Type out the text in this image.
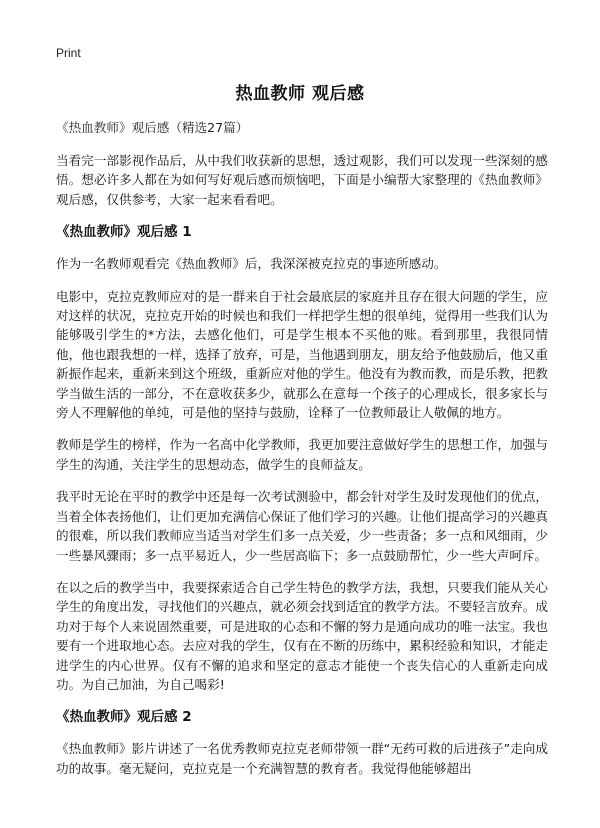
Print
热血教师 观后感

《热血教师》观后感（精选27篇）

当看完一部影视作品后，从中我们收获新的思想，透过观影，我们可以发现一些深刻的感悟。想必许多人都在为如何写好观后感而烦恼吧，下面是小编帮大家整理的《热血教师》观后感，仅供参考，大家一起来看看吧。

《热血教师》观后感 1

作为一名教师观看完《热血教师》后，我深深被克拉克的事迹所感动。

电影中，克拉克教师应对的是一群来自于社会最底层的家庭并且存在很大问题的学生，应对这样的状况，克拉克开始的时候也和我们一样把学生想的很单纯，觉得用一些我们认为能够吸引学生的*方法，去感化他们，可是学生根本不买他的账。看到那里，我很同情他，他也跟我想的一样，选择了放弃，可是，当他遇到朋友，朋友给予他鼓励后，他又重新振作起来，重新来到这个班级，重新应对他的学生。他没有为教而教，而是乐教，把教学当做生活的一部分，不在意收获多少，就那么在意每一个孩子的心理成长，很多家长与旁人不理解他的单纯，可是他的坚持与鼓励，诠释了一位教师最让人敬佩的地方。

教师是学生的榜样，作为一名高中化学教师，我更加要注意做好学生的思想工作，加强与学生的沟通，关注学生的思想动态，做学生的良师益友。

我平时无论在平时的教学中还是每一次考试测验中，都会针对学生及时发现他们的优点，当着全体表扬他们，让们更加充满信心保证了他们学习的兴趣。让他们提高学习的兴趣真的很难，所以我们教师应当适当对学生们多一点关爱，少一些责备；多一点和风细雨，少一些暴风骤雨；多一点平易近人，少一些居高临下；多一点鼓励帮忙，少一些大声呵斥。

在以之后的教学当中，我要探索适合自己学生特色的教学方法，我想，只要我们能从关心学生的角度出发，寻找他们的兴趣点，就必须会找到适宜的教学方法。不要轻言放弃。成功对于每个人来说固然重要，可是进取的心态和不懈的努力是通向成功的唯一法宝。我也要有一个进取地心态。去应对我的学生，仅有在不断的历练中，累积经验和知识，才能走进学生的内心世界。仅有不懈的追求和坚定的意志才能使一个丧失信心的人重新走向成功。为自己加油，为自己喝彩!

《热血教师》观后感 2

《热血教师》影片讲述了一名优秀教师克拉克老师带领一群“无药可救的后进孩子”走向成功的故事。毫无疑问，克拉克是一个充满智慧的教育者。我觉得他能够超出
